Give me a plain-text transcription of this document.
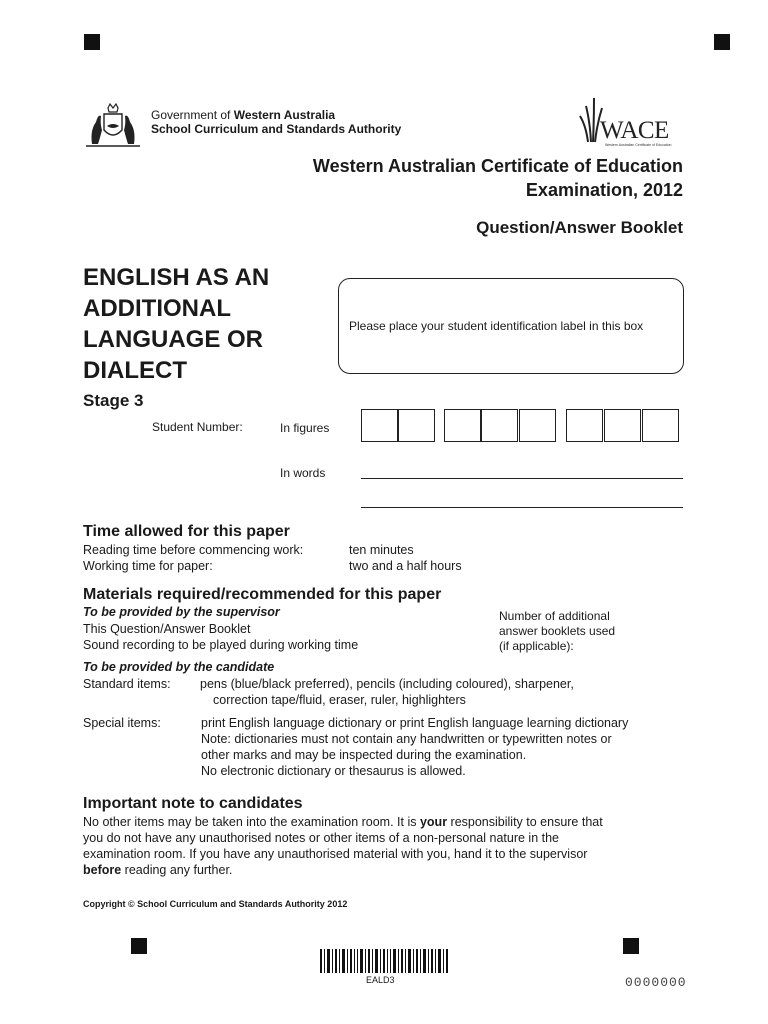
Government of Western Australia
School Curriculum and Standards Authority	WACE
Western Australian Certificate of Education
Western Australian Certificate of Education
Examination, 2012
Question/Answer Booklet
ENGLISH AS AN
ADDITIONAL
LANGUAGE OR
DIALECT
Stage 3
Please place your student identification label in this box
Student Number:	In figures
In words
Time allowed for this paper
Reading time before commencing work:	ten minutes
Working time for paper:	two and a half hours
Materials required/recommended for this paper
To be provided by the supervisor
This Question/Answer Booklet
Sound recording to be played during working time
Number of additional
answer booklets used
(if applicable):
To be provided by the candidate
Standard items: pens (blue/black preferred), pencils (including coloured), sharpener,
correction tape/fluid, eraser, ruler, highlighters
Special items:	print English language dictionary or print English language learning dictionary
Note: dictionaries must not contain any handwritten or typewritten notes or
other marks and may be inspected during the examination.
No electronic dictionary or thesaurus is allowed.
Important note to candidates
No other items may be taken into the examination room. It is your responsibility to ensure that
you do not have any unauthorised notes or other items of a non-personal nature in the
examination room. If you have any unauthorised material with you, hand it to the supervisor
before reading any further.
Copyright © School Curriculum and Standards Authority 2012
EALD3	0000000
